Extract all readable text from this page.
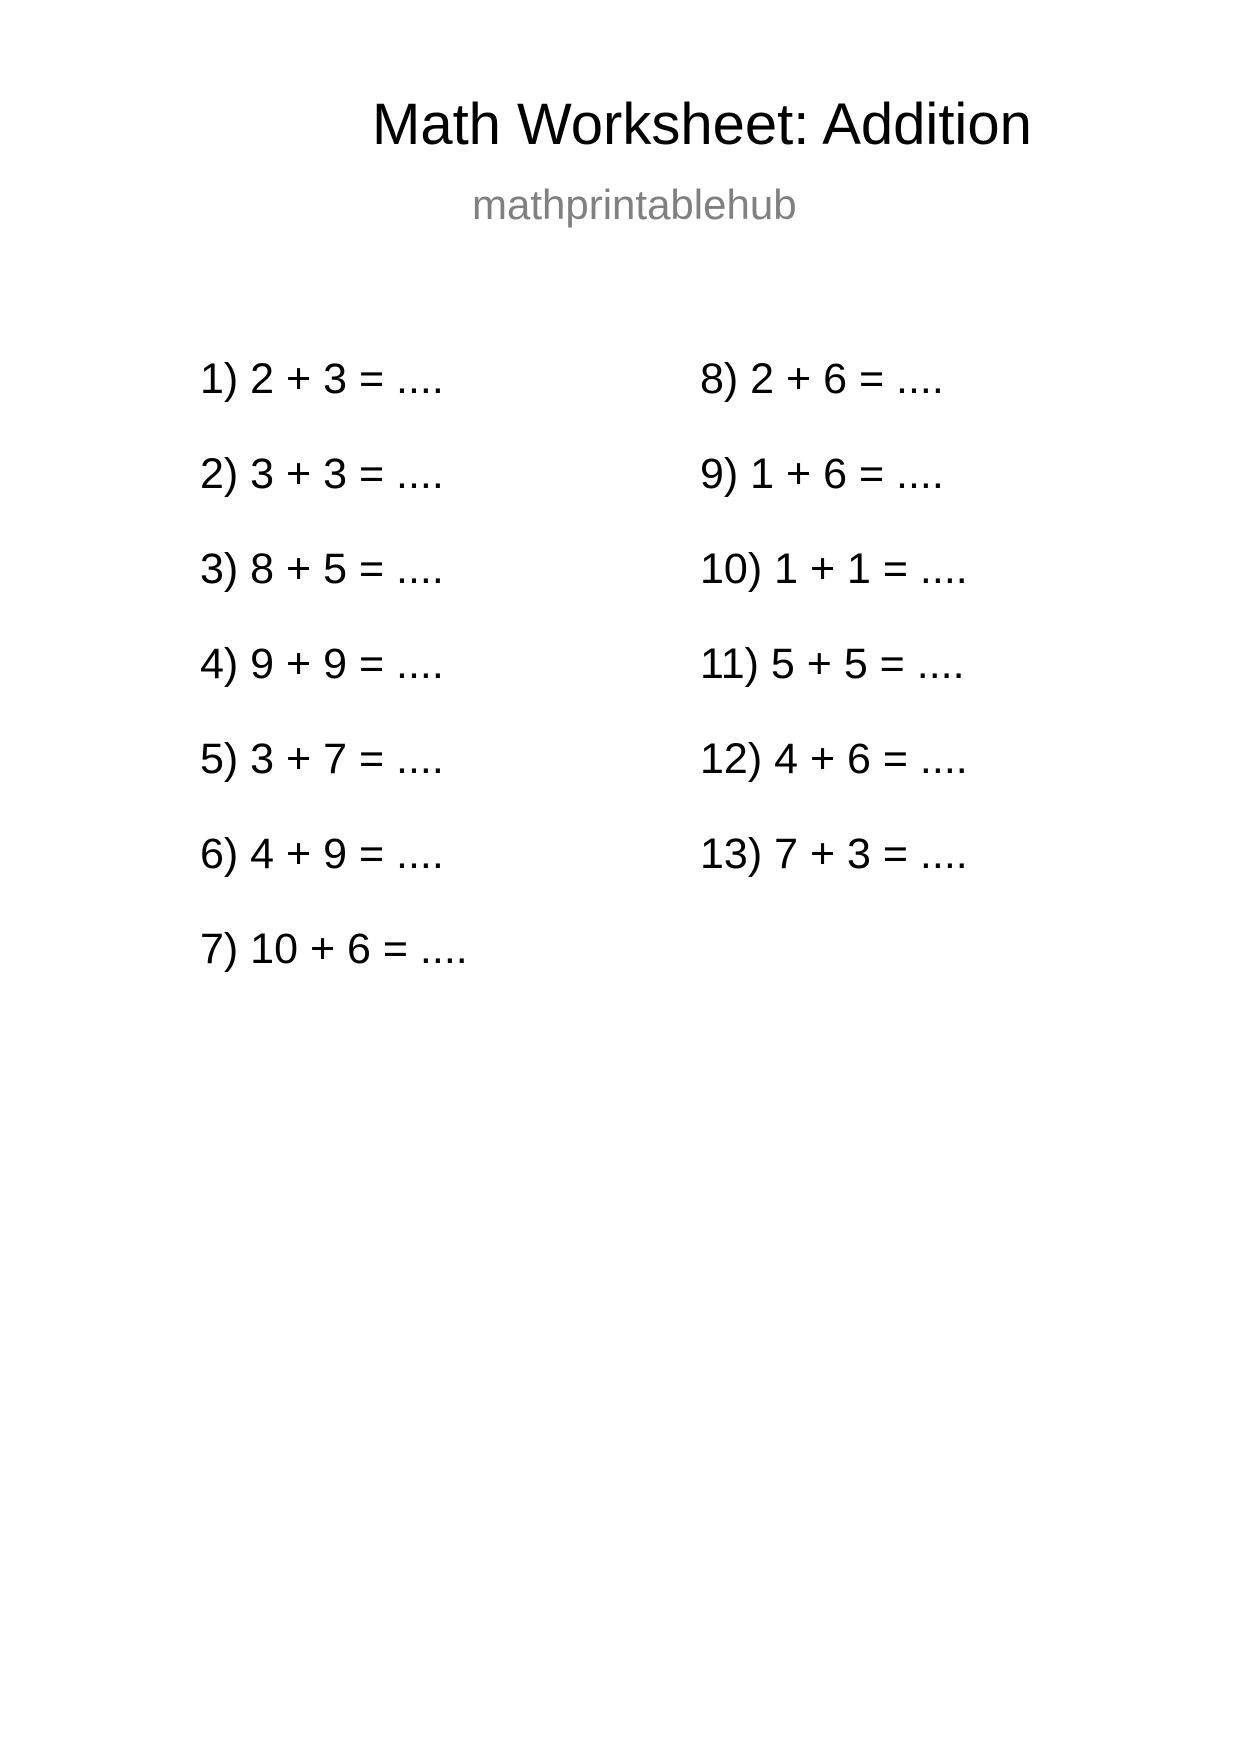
Math Worksheet: Addition
mathprintablehub
1) 2 + 3 = ....
2) 3 + 3 = ....
3) 8 + 5 = ....
4) 9 + 9 = ....
5) 3 + 7 = ....
6) 4 + 9 = ....
7) 10 + 6 = ....
8) 2 + 6 = ....
9) 1 + 6 = ....
10) 1 + 1 = ....
11) 5 + 5 = ....
12) 4 + 6 = ....
13) 7 + 3 = ....
